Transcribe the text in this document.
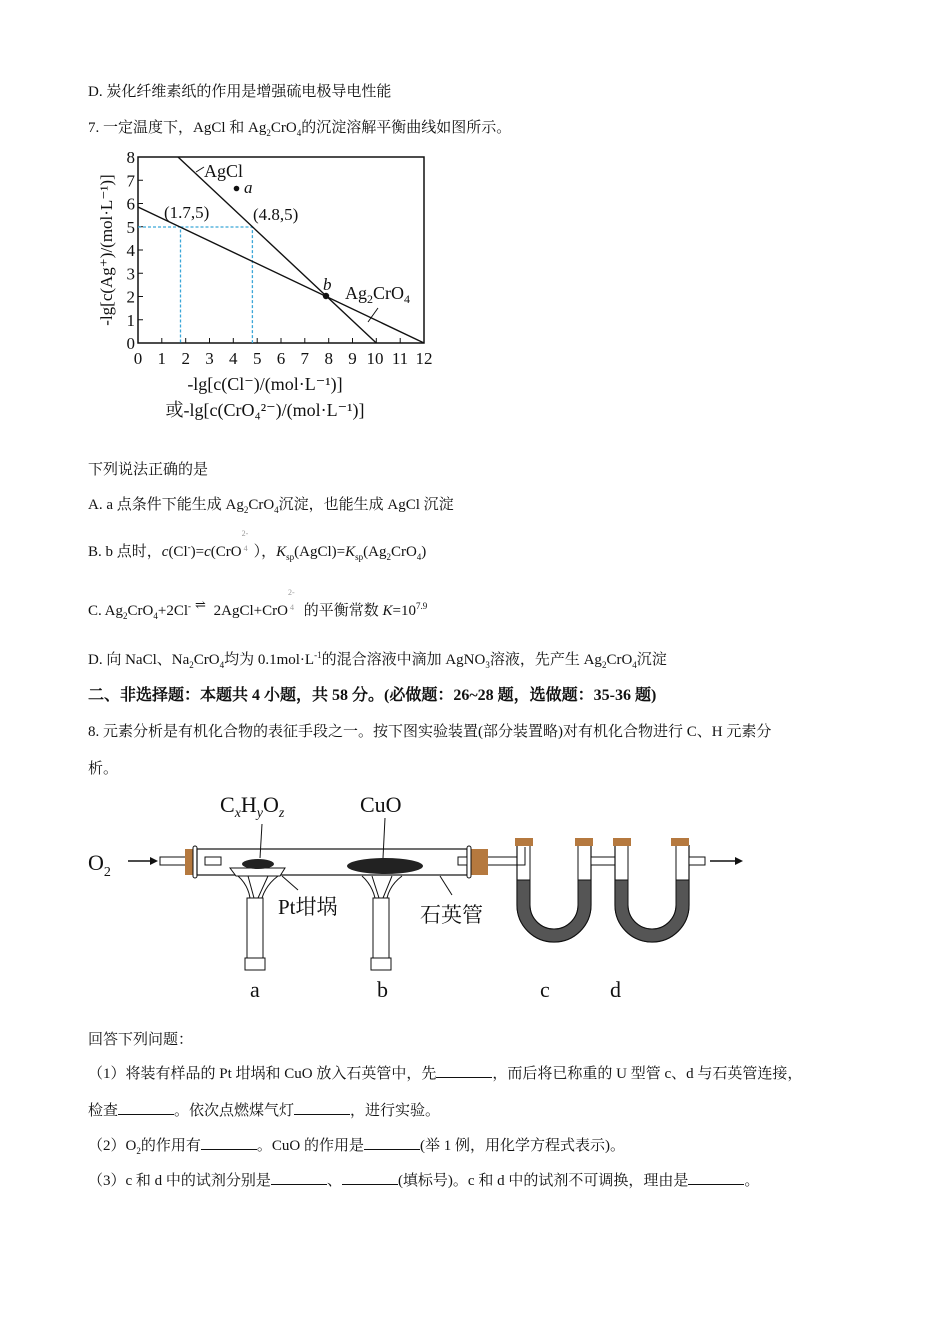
D. 炭化纤维素纸的作用是增强硫电极导电性能
7. 一定温度下，AgCl 和 $Ag_2CrO_4$的沉淀溶解平衡曲线如图所示。
0 1 2 3 4 5 6 7 8 9 10 11 12
0
1
2
3
4
5
6
7
8
AgCl
a
b
(1.7,5)	(4.8,5)
$Ag_2CrO_4$
-lg[c(Ag⁺)/(mol·L⁻¹)]
-lg[c(Cl⁻)/(mol·L⁻¹)]
或-lg[c(CrO₄²⁻)/(mol·L⁻¹)]
下列说法正确的是
A. a 点条件下能生成 $Ag_2CrO_4$沉淀，也能生成 AgCl 沉淀
B. b 点时，c(Cl-)=c(CrO
2-
4 ），$K_{sp}(AgCl)=K_{sp}(Ag_2CrO_4)$
C. $Ag_2CrO_4+2Cl^-$ ⇌ 2AgCl+CrO
2-
4 的平衡常数 $K=10^{7.9}$
D. 向 NaCl、$Na_2CrO_4$均为 $0.1mol\cdot L^{-1}$的混合溶液中滴加 AgNO$_3$溶液，先产生 $Ag_2CrO_4$沉淀
二、非选择题：本题共 4 小题，共 58 分。(必做题：26~28 题，选做题：35-36 题)
8. 元素分析是有机化合物的表征手段之一。按下图实验装置(部分装置略)对有机化合物进行 C、H 元素分
析。
$O_2$
$C_xH_yO_z$	CuO
Pt坩埚	石英管
a	b	c	d
回答下列问题：
（1）将装有样品的 Pt 坩埚和 CuO 放入石英管中，先	，而后将已称重的 U 型管 c、d 与石英管连接，
检查	。依次点燃煤气灯	，进行实验。
$(2)O_2$的作用有	。CuO 的作用是	(举 1 例，用化学方程式表示)。
（3）c 和 d 中的试剂分别是	、	(填标号)。c 和 d 中的试剂不可调换，理由是	。
